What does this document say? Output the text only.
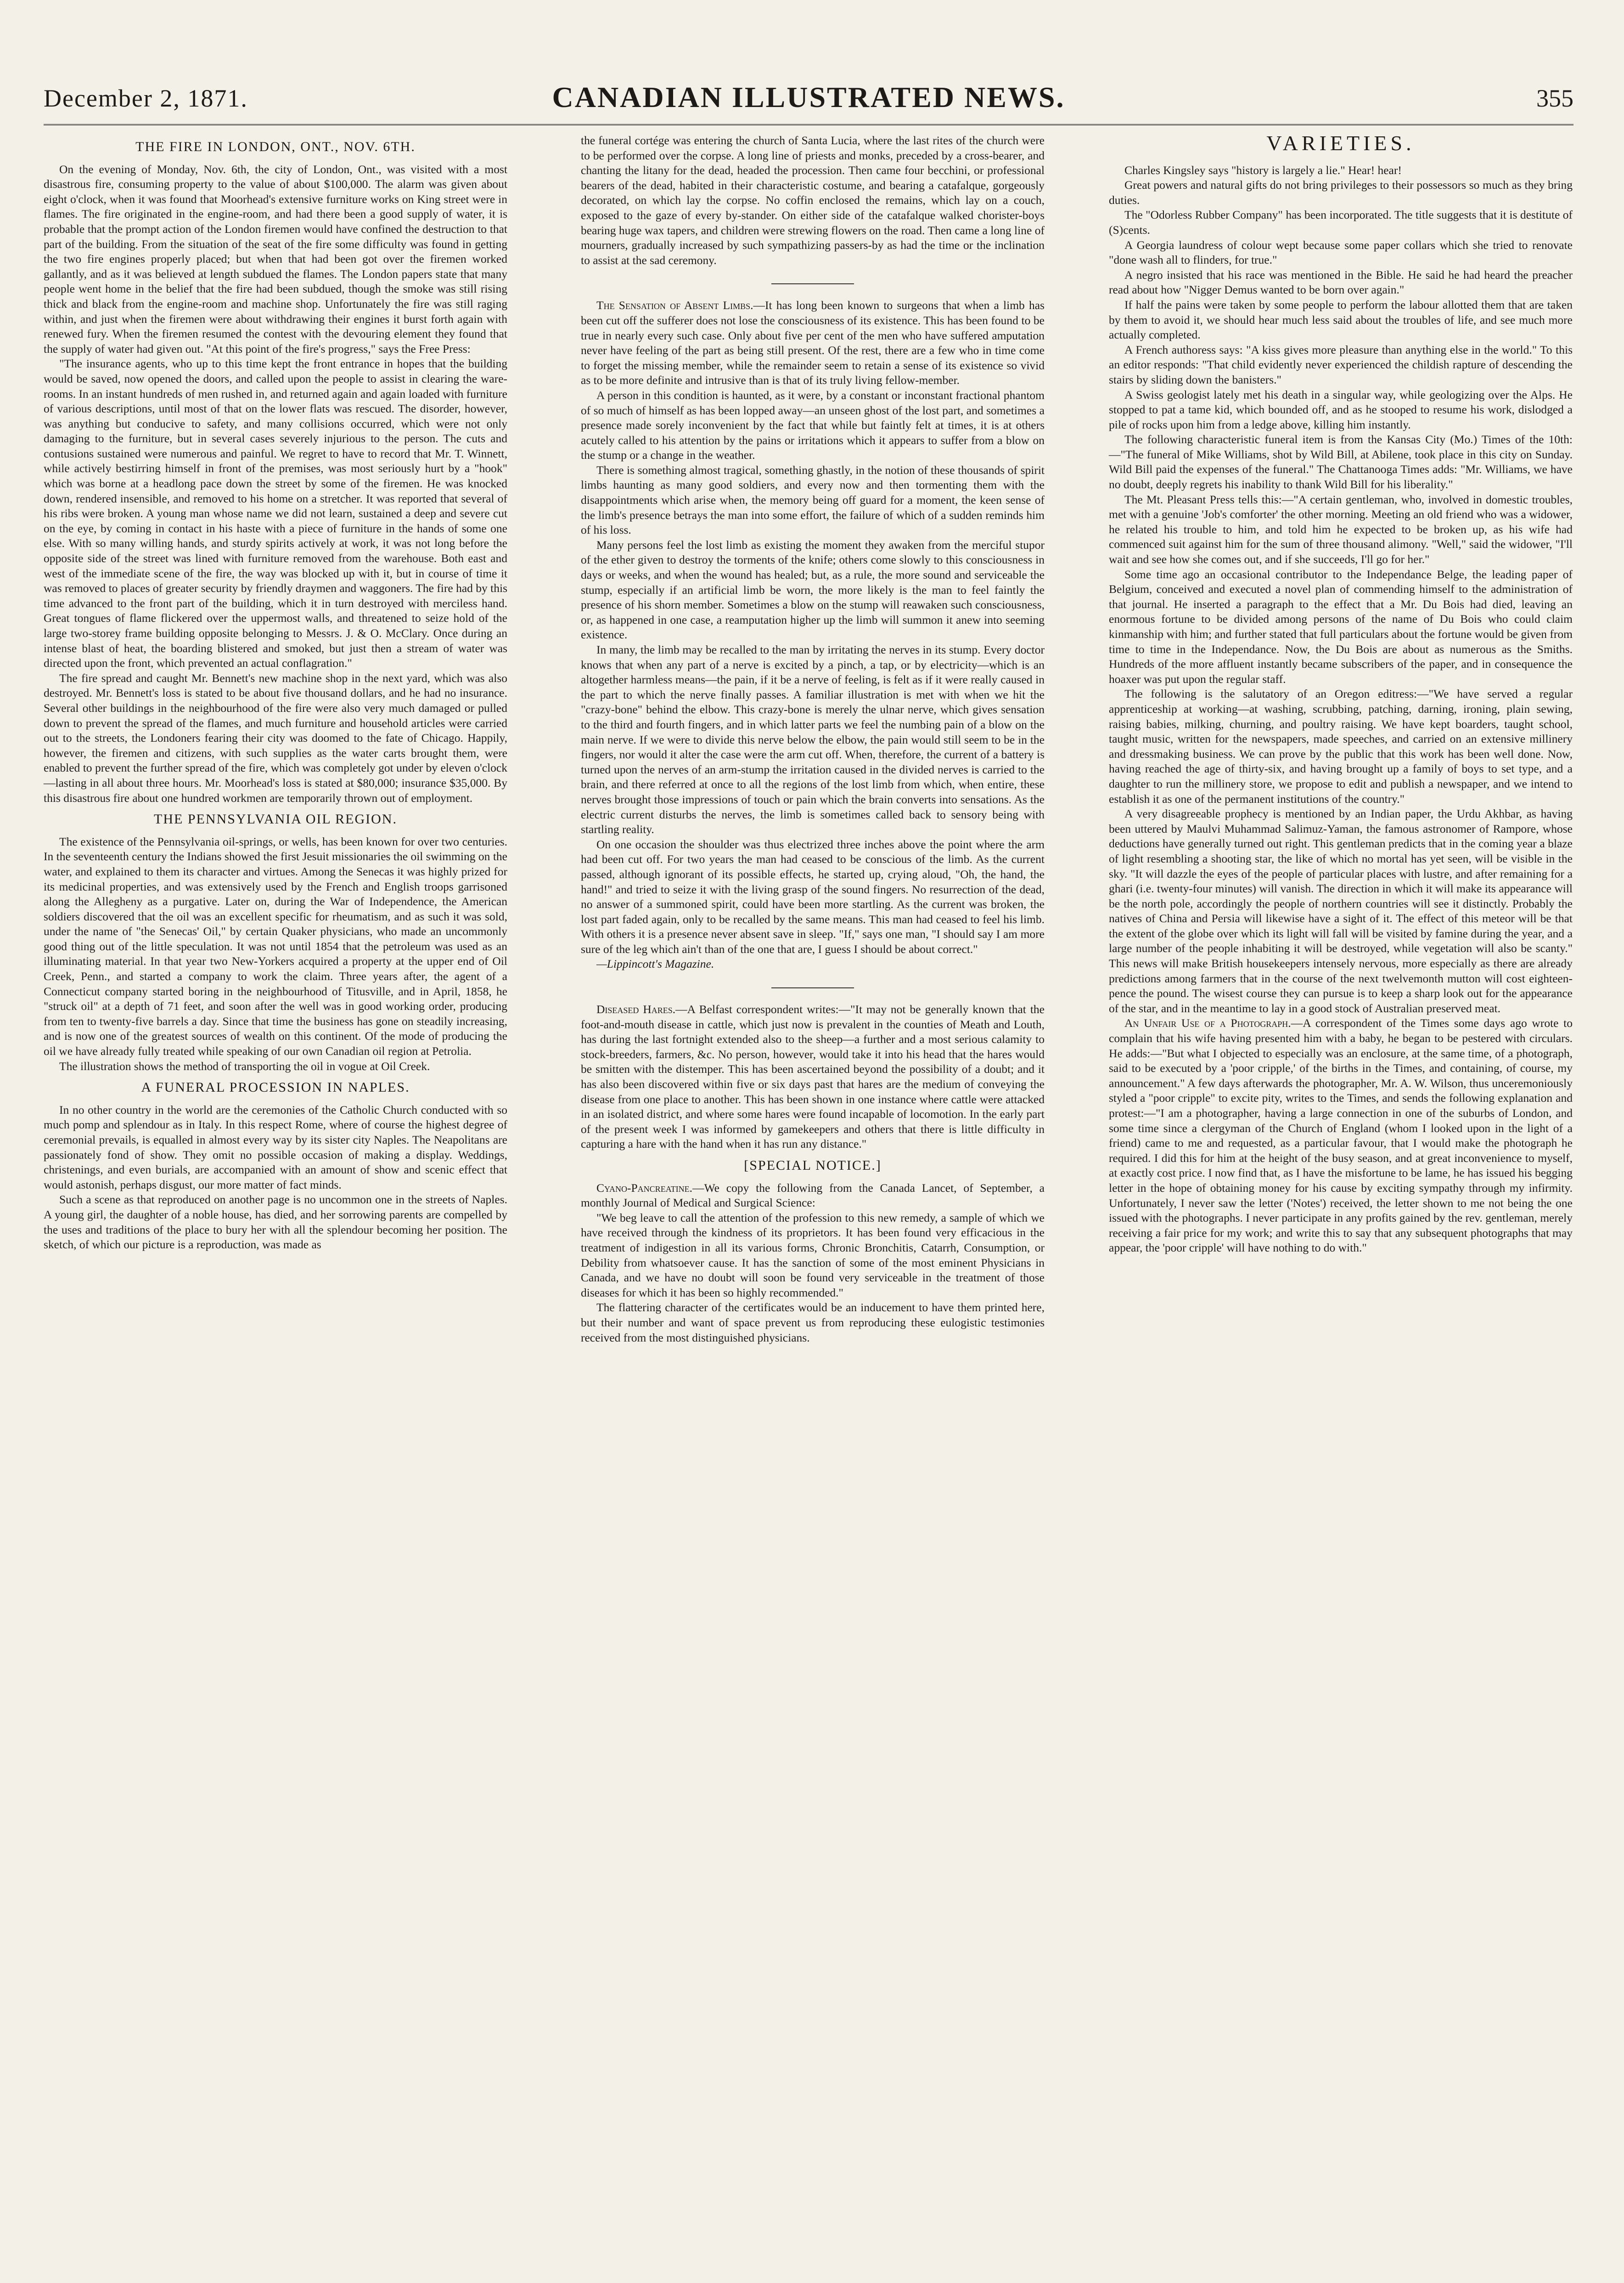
December 2, 1871.	CANADIAN ILLUSTRATED NEWS.	355
THE FIRE IN LONDON, ONT., NOV. 6TH.

On the evening of Monday, Nov. 6th, the city of London, Ont., was visited with a most disastrous fire, consuming property to the value of about $100,000. The alarm was given about eight o'clock, when it was found that Moorhead's extensive furniture works on King street were in flames. The fire originated in the engine-room, and had there been a good supply of water, it is probable that the prompt action of the London firemen would have confined the destruction to that part of the building. From the situation of the seat of the fire some difficulty was found in getting the two fire engines properly placed; but when that had been got over the firemen worked gallantly, and as it was believed at length subdued the flames. The London papers state that many people went home in the belief that the fire had been subdued, though the smoke was still rising thick and black from the engine-room and machine shop. Unfortunately the fire was still raging within, and just when the firemen were about withdrawing their engines it burst forth again with renewed fury. When the firemen resumed the contest with the devouring element they found that the supply of water had given out. "At this point of the fire's progress," says the Free Press:

"The insurance agents, who up to this time kept the front entrance in hopes that the building would be saved, now opened the doors, and called upon the people to assist in clearing the ware-rooms. In an instant hundreds of men rushed in, and returned again and again loaded with furniture of various descriptions, until most of that on the lower flats was rescued. The disorder, however, was anything but conducive to safety, and many collisions occurred, which were not only damaging to the furniture, but in several cases severely injurious to the person. The cuts and contusions sustained were numerous and painful. We regret to have to record that Mr. T. Winnett, while actively bestirring himself in front of the premises, was most seriously hurt by a "hook" which was borne at a headlong pace down the street by some of the firemen. He was knocked down, rendered insensible, and removed to his home on a stretcher. It was reported that several of his ribs were broken. A young man whose name we did not learn, sustained a deep and severe cut on the eye, by coming in contact in his haste with a piece of furniture in the hands of some one else. With so many willing hands, and sturdy spirits actively at work, it was not long before the opposite side of the street was lined with furniture removed from the warehouse. Both east and west of the immediate scene of the fire, the way was blocked up with it, but in course of time it was removed to places of greater security by friendly draymen and waggoners. The fire had by this time advanced to the front part of the building, which it in turn destroyed with merciless hand. Great tongues of flame flickered over the uppermost walls, and threatened to seize hold of the large two-storey frame building opposite belonging to Messrs. J. & O. McClary. Once during an intense blast of heat, the boarding blistered and smoked, but just then a stream of water was directed upon the front, which prevented an actual conflagration."

The fire spread and caught Mr. Bennett's new machine shop in the next yard, which was also destroyed. Mr. Bennett's loss is stated to be about five thousand dollars, and he had no insurance. Several other buildings in the neighbourhood of the fire were also very much damaged or pulled down to prevent the spread of the flames, and much furniture and household articles were carried out to the streets, the Londoners fearing their city was doomed to the fate of Chicago. Happily, however, the firemen and citizens, with such supplies as the water carts brought them, were enabled to prevent the further spread of the fire, which was completely got under by eleven o'clock—lasting in all about three hours. Mr. Moorhead's loss is stated at $80,000; insurance $35,000. By this disastrous fire about one hundred workmen are temporarily thrown out of employment.

THE PENNSYLVANIA OIL REGION.

The existence of the Pennsylvania oil-springs, or wells, has been known for over two centuries. In the seventeenth century the Indians showed the first Jesuit missionaries the oil swimming on the water, and explained to them its character and virtues. Among the Senecas it was highly prized for its medicinal properties, and was extensively used by the French and English troops garrisoned along the Allegheny as a purgative. Later on, during the War of Independence, the American soldiers discovered that the oil was an excellent specific for rheumatism, and as such it was sold, under the name of "the Senecas' Oil," by certain Quaker physicians, who made an uncommonly good thing out of the little speculation. It was not until 1854 that the petroleum was used as an illuminating material. In that year two New-Yorkers acquired a property at the upper end of Oil Creek, Penn., and started a company to work the claim. Three years after, the agent of a Connecticut company started boring in the neighbourhood of Titusville, and in April, 1858, he "struck oil" at a depth of 71 feet, and soon after the well was in good working order, producing from ten to twenty-five barrels a day. Since that time the business has gone on steadily increasing, and is now one of the greatest sources of wealth on this continent. Of the mode of producing the oil we have already fully treated while speaking of our own Canadian oil region at Petrolia.

The illustration shows the method of transporting the oil in vogue at Oil Creek.

A FUNERAL PROCESSION IN NAPLES.

In no other country in the world are the ceremonies of the Catholic Church conducted with so much pomp and splendour as in Italy. In this respect Rome, where of course the highest degree of ceremonial prevails, is equalled in almost every way by its sister city Naples. The Neapolitans are passionately fond of show. They omit no possible occasion of making a display. Weddings, christenings, and even burials, are accompanied with an amount of show and scenic effect that would astonish, perhaps disgust, our more matter of fact minds.

Such a scene as that reproduced on another page is no uncommon one in the streets of Naples. A young girl, the daughter of a noble house, has died, and her sorrowing parents are compelled by the uses and traditions of the place to bury her with all the splendour becoming her position. The sketch, of which our picture is a reproduction, was made as

the funeral cortége was entering the church of Santa Lucia, where the last rites of the church were to be performed over the corpse. A long line of priests and monks, preceded by a cross-bearer, and chanting the litany for the dead, headed the procession. Then came four becchini, or professional bearers of the dead, habited in their characteristic costume, and bearing a catafalque, gorgeously decorated, on which lay the corpse. No coffin enclosed the remains, which lay on a couch, exposed to the gaze of every by-stander. On either side of the catafalque walked chorister-boys bearing huge wax tapers, and children were strewing flowers on the road. Then came a long line of mourners, gradually increased by such sympathizing passers-by as had the time or the inclination to assist at the sad ceremony.

The Sensation of Absent Limbs.—It has long been known to surgeons that when a limb has been cut off the sufferer does not lose the consciousness of its existence. This has been found to be true in nearly every such case. Only about five per cent of the men who have suffered amputation never have feeling of the part as being still present. Of the rest, there are a few who in time come to forget the missing member, while the remainder seem to retain a sense of its existence so vivid as to be more definite and intrusive than is that of its truly living fellow-member.

A person in this condition is haunted, as it were, by a constant or inconstant fractional phantom of so much of himself as has been lopped away—an unseen ghost of the lost part, and sometimes a presence made sorely inconvenient by the fact that while but faintly felt at times, it is at others acutely called to his attention by the pains or irritations which it appears to suffer from a blow on the stump or a change in the weather.

There is something almost tragical, something ghastly, in the notion of these thousands of spirit limbs haunting as many good soldiers, and every now and then tormenting them with the disappointments which arise when, the memory being off guard for a moment, the keen sense of the limb's presence betrays the man into some effort, the failure of which of a sudden reminds him of his loss.

Many persons feel the lost limb as existing the moment they awaken from the merciful stupor of the ether given to destroy the torments of the knife; others come slowly to this consciousness in days or weeks, and when the wound has healed; but, as a rule, the more sound and serviceable the stump, especially if an artificial limb be worn, the more likely is the man to feel faintly the presence of his shorn member. Sometimes a blow on the stump will reawaken such consciousness, or, as happened in one case, a reamputation higher up the limb will summon it anew into seeming existence.

In many, the limb may be recalled to the man by irritating the nerves in its stump. Every doctor knows that when any part of a nerve is excited by a pinch, a tap, or by electricity—which is an altogether harmless means—the pain, if it be a nerve of feeling, is felt as if it were really caused in the part to which the nerve finally passes. A familiar illustration is met with when we hit the "crazy-bone" behind the elbow. This crazy-bone is merely the ulnar nerve, which gives sensation to the third and fourth fingers, and in which latter parts we feel the numbing pain of a blow on the main nerve. If we were to divide this nerve below the elbow, the pain would still seem to be in the fingers, nor would it alter the case were the arm cut off. When, therefore, the current of a battery is turned upon the nerves of an arm-stump the irritation caused in the divided nerves is carried to the brain, and there referred at once to all the regions of the lost limb from which, when entire, these nerves brought those impressions of touch or pain which the brain converts into sensations. As the electric current disturbs the nerves, the limb is sometimes called back to sensory being with startling reality.

On one occasion the shoulder was thus electrized three inches above the point where the arm had been cut off. For two years the man had ceased to be conscious of the limb. As the current passed, although ignorant of its possible effects, he started up, crying aloud, "Oh, the hand, the hand!" and tried to seize it with the living grasp of the sound fingers. No resurrection of the dead, no answer of a summoned spirit, could have been more startling. As the current was broken, the lost part faded again, only to be recalled by the same means. This man had ceased to feel his limb. With others it is a presence never absent save in sleep. "If," says one man, "I should say I am more sure of the leg which ain't than of the one that are, I guess I should be about correct."

—Lippincott's Magazine.

Diseased Hares.—A Belfast correspondent writes:—"It may not be generally known that the foot-and-mouth disease in cattle, which just now is prevalent in the counties of Meath and Louth, has during the last fortnight extended also to the sheep—a further and a most serious calamity to stock-breeders, farmers, &c. No person, however, would take it into his head that the hares would be smitten with the distemper. This has been ascertained beyond the possibility of a doubt; and it has also been discovered within five or six days past that hares are the medium of conveying the disease from one place to another. This has been shown in one instance where cattle were attacked in an isolated district, and where some hares were found incapable of locomotion. In the early part of the present week I was informed by gamekeepers and others that there is little difficulty in capturing a hare with the hand when it has run any distance."

[SPECIAL NOTICE.]

Cyano-Pancreatine.—We copy the following from the Canada Lancet, of September, a monthly Journal of Medical and Surgical Science:

"We beg leave to call the attention of the profession to this new remedy, a sample of which we have received through the kindness of its proprietors. It has been found very efficacious in the treatment of indigestion in all its various forms, Chronic Bronchitis, Catarrh, Consumption, or Debility from whatsoever cause. It has the sanction of some of the most eminent Physicians in Canada, and we have no doubt will soon be found very serviceable in the treatment of those diseases for which it has been so highly recommended."

The flattering character of the certificates would be an inducement to have them printed here, but their number and want of space prevent us from reproducing these eulogistic testimonies received from the most distinguished physicians.

VARIETIES.

Charles Kingsley says "history is largely a lie." Hear! hear!

Great powers and natural gifts do not bring privileges to their possessors so much as they bring duties.

The "Odorless Rubber Company" has been incorporated. The title suggests that it is destitute of (S)cents.

A Georgia laundress of colour wept because some paper collars which she tried to renovate "done wash all to flinders, for true."

A negro insisted that his race was mentioned in the Bible. He said he had heard the preacher read about how "Nigger Demus wanted to be born over again."

If half the pains were taken by some people to perform the labour allotted them that are taken by them to avoid it, we should hear much less said about the troubles of life, and see much more actually completed.

A French authoress says: "A kiss gives more pleasure than anything else in the world." To this an editor responds: "That child evidently never experienced the childish rapture of descending the stairs by sliding down the banisters."

A Swiss geologist lately met his death in a singular way, while geologizing over the Alps. He stopped to pat a tame kid, which bounded off, and as he stooped to resume his work, dislodged a pile of rocks upon him from a ledge above, killing him instantly.

The following characteristic funeral item is from the Kansas City (Mo.) Times of the 10th:—"The funeral of Mike Williams, shot by Wild Bill, at Abilene, took place in this city on Sunday. Wild Bill paid the expenses of the funeral." The Chattanooga Times adds: "Mr. Williams, we have no doubt, deeply regrets his inability to thank Wild Bill for his liberality."

The Mt. Pleasant Press tells this:—"A certain gentleman, who, involved in domestic troubles, met with a genuine 'Job's comforter' the other morning. Meeting an old friend who was a widower, he related his trouble to him, and told him he expected to be broken up, as his wife had commenced suit against him for the sum of three thousand alimony. "Well," said the widower, "I'll wait and see how she comes out, and if she succeeds, I'll go for her."

Some time ago an occasional contributor to the Independance Belge, the leading paper of Belgium, conceived and executed a novel plan of commending himself to the administration of that journal. He inserted a paragraph to the effect that a Mr. Du Bois had died, leaving an enormous fortune to be divided among persons of the name of Du Bois who could claim kinmanship with him; and further stated that full particulars about the fortune would be given from time to time in the Independance. Now, the Du Bois are about as numerous as the Smiths. Hundreds of the more affluent instantly became subscribers of the paper, and in consequence the hoaxer was put upon the regular staff.

The following is the salutatory of an Oregon editress:—"We have served a regular apprenticeship at working—at washing, scrubbing, patching, darning, ironing, plain sewing, raising babies, milking, churning, and poultry raising. We have kept boarders, taught school, taught music, written for the newspapers, made speeches, and carried on an extensive millinery and dressmaking business. We can prove by the public that this work has been well done. Now, having reached the age of thirty-six, and having brought up a family of boys to set type, and a daughter to run the millinery store, we propose to edit and publish a newspaper, and we intend to establish it as one of the permanent institutions of the country."

A very disagreeable prophecy is mentioned by an Indian paper, the Urdu Akhbar, as having been uttered by Maulvi Muhammad Salimuz-Yaman, the famous astronomer of Rampore, whose deductions have generally turned out right. This gentleman predicts that in the coming year a blaze of light resembling a shooting star, the like of which no mortal has yet seen, will be visible in the sky. "It will dazzle the eyes of the people of particular places with lustre, and after remaining for a ghari (i.e. twenty-four minutes) will vanish. The direction in which it will make its appearance will be the north pole, accordingly the people of northern countries will see it distinctly. Probably the natives of China and Persia will likewise have a sight of it. The effect of this meteor will be that the extent of the globe over which its light will fall will be visited by famine during the year, and a large number of the people inhabiting it will be destroyed, while vegetation will also be scanty." This news will make British housekeepers intensely nervous, more especially as there are already predictions among farmers that in the course of the next twelvemonth mutton will cost eighteen-pence the pound. The wisest course they can pursue is to keep a sharp look out for the appearance of the star, and in the meantime to lay in a good stock of Australian preserved meat.

An Unfair Use of a Photograph.—A correspondent of the Times some days ago wrote to complain that his wife having presented him with a baby, he began to be pestered with circulars. He adds:—"But what I objected to especially was an enclosure, at the same time, of a photograph, said to be executed by a 'poor cripple,' of the births in the Times, and containing, of course, my announcement." A few days afterwards the photographer, Mr. A. W. Wilson, thus unceremoniously styled a "poor cripple" to excite pity, writes to the Times, and sends the following explanation and protest:—"I am a photographer, having a large connection in one of the suburbs of London, and some time since a clergyman of the Church of England (whom I looked upon in the light of a friend) came to me and requested, as a particular favour, that I would make the photograph he required. I did this for him at the height of the busy season, and at great inconvenience to myself, at exactly cost price. I now find that, as I have the misfortune to be lame, he has issued his begging letter in the hope of obtaining money for his cause by exciting sympathy through my infirmity. Unfortunately, I never saw the letter ('Notes') received, the letter shown to me not being the one issued with the photographs. I never participate in any profits gained by the rev. gentleman, merely receiving a fair price for my work; and write this to say that any subsequent photographs that may appear, the 'poor cripple' will have nothing to do with."
